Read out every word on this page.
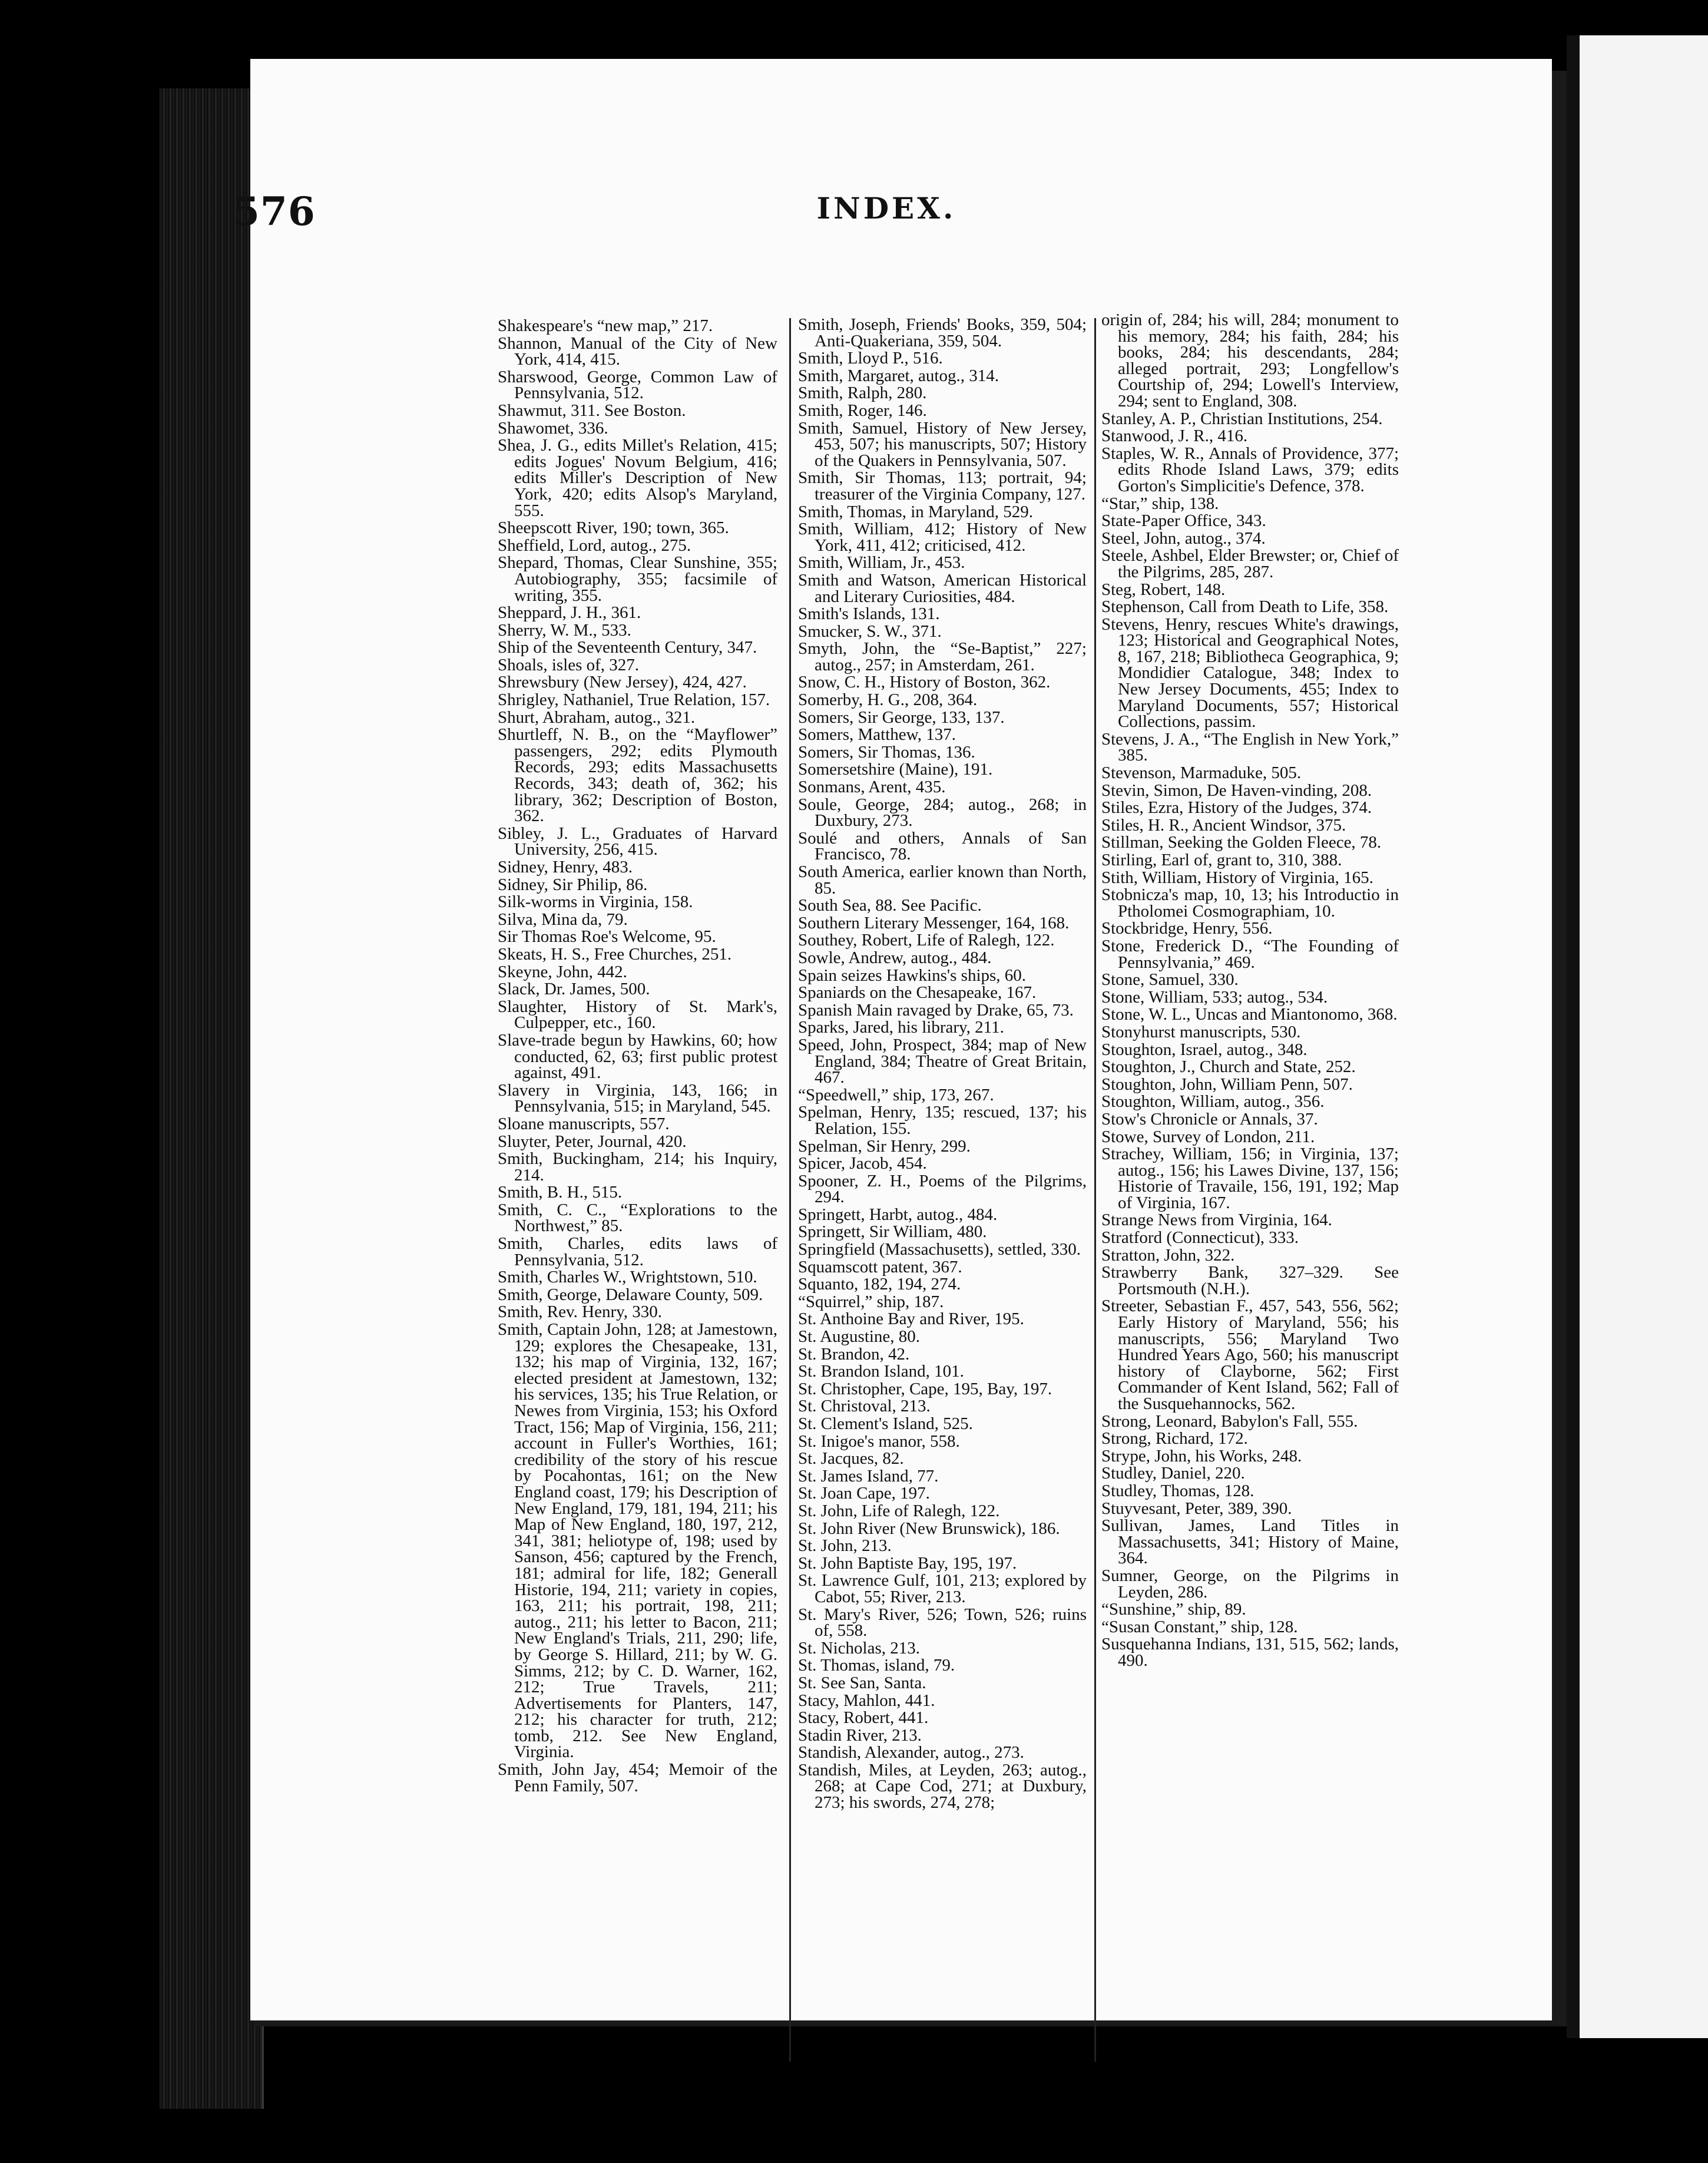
576	INDEX.

Shakespeare's “new map,” 217.

Shannon, Manual of the City of New York, 414, 415.

Sharswood, George, Common Law of Pennsylvania, 512.

Shawmut, 311. See Boston.

Shawomet, 336.

Shea, J. G., edits Millet's Relation, 415; edits Jogues' Novum Belgium, 416; edits Miller's Description of New York, 420; edits Alsop's Maryland, 555.

Sheepscott River, 190; town, 365.

Sheffield, Lord, autog., 275.

Shepard, Thomas, Clear Sunshine, 355; Autobiography, 355; facsimile of writing, 355.

Sheppard, J. H., 361.

Sherry, W. M., 533.

Ship of the Seventeenth Century, 347.

Shoals, isles of, 327.

Shrewsbury (New Jersey), 424, 427.

Shrigley, Nathaniel, True Relation, 157.

Shurt, Abraham, autog., 321.

Shurtleff, N. B., on the “Mayflower” passengers, 292; edits Plymouth Records, 293; edits Massachusetts Records, 343; death of, 362; his library, 362; Description of Boston, 362.

Sibley, J. L., Graduates of Harvard University, 256, 415.

Sidney, Henry, 483.

Sidney, Sir Philip, 86.

Silk-worms in Virginia, 158.

Silva, Mina da, 79.

Sir Thomas Roe's Welcome, 95.

Skeats, H. S., Free Churches, 251.

Skeyne, John, 442.

Slack, Dr. James, 500.

Slaughter, History of St. Mark's, Culpepper, etc., 160.

Slave-trade begun by Hawkins, 60; how conducted, 62, 63; first public protest against, 491.

Slavery in Virginia, 143, 166; in Pennsylvania, 515; in Maryland, 545.

Sloane manuscripts, 557.

Sluyter, Peter, Journal, 420.

Smith, Buckingham, 214; his Inquiry, 214.

Smith, B. H., 515.

Smith, C. C., “Explorations to the Northwest,” 85.

Smith, Charles, edits laws of Pennsylvania, 512.

Smith, Charles W., Wrightstown, 510.

Smith, George, Delaware County, 509.

Smith, Rev. Henry, 330.

Smith, Captain John, 128; at Jamestown, 129; explores the Chesapeake, 131, 132; his map of Virginia, 132, 167; elected president at Jamestown, 132; his services, 135; his True Relation, or Newes from Virginia, 153; his Oxford Tract, 156; Map of Virginia, 156, 211; account in Fuller's Worthies, 161; credibility of the story of his rescue by Pocahontas, 161; on the New England coast, 179; his Description of New England, 179, 181, 194, 211; his Map of New England, 180, 197, 212, 341, 381; heliotype of, 198; used by Sanson, 456; captured by the French, 181; admiral for life, 182; Generall Historie, 194, 211; variety in copies, 163, 211; his portrait, 198, 211; autog., 211; his letter to Bacon, 211; New England's Trials, 211, 290; life, by George S. Hillard, 211; by W. G. Simms, 212; by C. D. Warner, 162, 212; True Travels, 211; Advertisements for Planters, 147, 212; his character for truth, 212; tomb, 212. See New England, Virginia.

Smith, John Jay, 454; Memoir of the Penn Family, 507.

Smith, Joseph, Friends' Books, 359, 504; Anti-Quakeriana, 359, 504.

Smith, Lloyd P., 516.

Smith, Margaret, autog., 314.

Smith, Ralph, 280.

Smith, Roger, 146.

Smith, Samuel, History of New Jersey, 453, 507; his manuscripts, 507; History of the Quakers in Pennsylvania, 507.

Smith, Sir Thomas, 113; portrait, 94; treasurer of the Virginia Company, 127.

Smith, Thomas, in Maryland, 529.

Smith, William, 412; History of New York, 411, 412; criticised, 412.

Smith, William, Jr., 453.

Smith and Watson, American Historical and Literary Curiosities, 484.

Smith's Islands, 131.

Smucker, S. W., 371.

Smyth, John, the “Se-Baptist,” 227; autog., 257; in Amsterdam, 261.

Snow, C. H., History of Boston, 362.

Somerby, H. G., 208, 364.

Somers, Sir George, 133, 137.

Somers, Matthew, 137.

Somers, Sir Thomas, 136.

Somersetshire (Maine), 191.

Sonmans, Arent, 435.

Soule, George, 284; autog., 268; in Duxbury, 273.

Soulé and others, Annals of San Francisco, 78.

South America, earlier known than North, 85.

South Sea, 88. See Pacific.

Southern Literary Messenger, 164, 168.

Southey, Robert, Life of Ralegh, 122.

Sowle, Andrew, autog., 484.

Spain seizes Hawkins's ships, 60.

Spaniards on the Chesapeake, 167.

Spanish Main ravaged by Drake, 65, 73.

Sparks, Jared, his library, 211.

Speed, John, Prospect, 384; map of New England, 384; Theatre of Great Britain, 467.

“Speedwell,” ship, 173, 267.

Spelman, Henry, 135; rescued, 137; his Relation, 155.

Spelman, Sir Henry, 299.

Spicer, Jacob, 454.

Spooner, Z. H., Poems of the Pilgrims, 294.

Springett, Harbt, autog., 484.

Springett, Sir William, 480.

Springfield (Massachusetts), settled, 330.

Squamscott patent, 367.

Squanto, 182, 194, 274.

“Squirrel,” ship, 187.

St. Anthoine Bay and River, 195.

St. Augustine, 80.

St. Brandon, 42.

St. Brandon Island, 101.

St. Christopher, Cape, 195, Bay, 197.

St. Christoval, 213.

St. Clement's Island, 525.

St. Inigoe's manor, 558.

St. Jacques, 82.

St. James Island, 77.

St. Joan Cape, 197.

St. John, Life of Ralegh, 122.

St. John River (New Brunswick), 186.

St. John, 213.

St. John Baptiste Bay, 195, 197.

St. Lawrence Gulf, 101, 213; explored by Cabot, 55; River, 213.

St. Mary's River, 526; Town, 526; ruins of, 558.

St. Nicholas, 213.

St. Thomas, island, 79.

St. See San, Santa.

Stacy, Mahlon, 441.

Stacy, Robert, 441.

Stadin River, 213.

Standish, Alexander, autog., 273.

Standish, Miles, at Leyden, 263; autog., 268; at Cape Cod, 271; at Duxbury, 273; his swords, 274, 278;

origin of, 284; his will, 284; monument to his memory, 284; his faith, 284; his books, 284; his descendants, 284; alleged portrait, 293; Longfellow's Courtship of, 294; Lowell's Interview, 294; sent to England, 308.

Stanley, A. P., Christian Institutions, 254.

Stanwood, J. R., 416.

Staples, W. R., Annals of Providence, 377; edits Rhode Island Laws, 379; edits Gorton's Simplicitie's Defence, 378.

“Star,” ship, 138.

State-Paper Office, 343.

Steel, John, autog., 374.

Steele, Ashbel, Elder Brewster; or, Chief of the Pilgrims, 285, 287.

Steg, Robert, 148.

Stephenson, Call from Death to Life, 358.

Stevens, Henry, rescues White's drawings, 123; Historical and Geographical Notes, 8, 167, 218; Bibliotheca Geographica, 9; Mondidier Catalogue, 348; Index to New Jersey Documents, 455; Index to Maryland Documents, 557; Historical Collections, passim.

Stevens, J. A., “The English in New York,” 385.

Stevenson, Marmaduke, 505.

Stevin, Simon, De Haven-vinding, 208.

Stiles, Ezra, History of the Judges, 374.

Stiles, H. R., Ancient Windsor, 375.

Stillman, Seeking the Golden Fleece, 78.

Stirling, Earl of, grant to, 310, 388.

Stith, William, History of Virginia, 165.

Stobnicza's map, 10, 13; his Introductio in Ptholomei Cosmographiam, 10.

Stockbridge, Henry, 556.

Stone, Frederick D., “The Founding of Pennsylvania,” 469.

Stone, Samuel, 330.

Stone, William, 533; autog., 534.

Stone, W. L., Uncas and Miantonomo, 368.

Stonyhurst manuscripts, 530.

Stoughton, Israel, autog., 348.

Stoughton, J., Church and State, 252.

Stoughton, John, William Penn, 507.

Stoughton, William, autog., 356.

Stow's Chronicle or Annals, 37.

Stowe, Survey of London, 211.

Strachey, William, 156; in Virginia, 137; autog., 156; his Lawes Divine, 137, 156; Historie of Travaile, 156, 191, 192; Map of Virginia, 167.

Strange News from Virginia, 164.

Stratford (Connecticut), 333.

Stratton, John, 322.

Strawberry Bank, 327–329. See Portsmouth (N.H.).

Streeter, Sebastian F., 457, 543, 556, 562; Early History of Maryland, 556; his manuscripts, 556; Maryland Two Hundred Years Ago, 560; his manuscript history of Clayborne, 562; First Commander of Kent Island, 562; Fall of the Susquehannocks, 562.

Strong, Leonard, Babylon's Fall, 555.

Strong, Richard, 172.

Strype, John, his Works, 248.

Studley, Daniel, 220.

Studley, Thomas, 128.

Stuyvesant, Peter, 389, 390.

Sullivan, James, Land Titles in Massachusetts, 341; History of Maine, 364.

Sumner, George, on the Pilgrims in Leyden, 286.

“Sunshine,” ship, 89.

“Susan Constant,” ship, 128.

Susquehanna Indians, 131, 515, 562; lands, 490.
